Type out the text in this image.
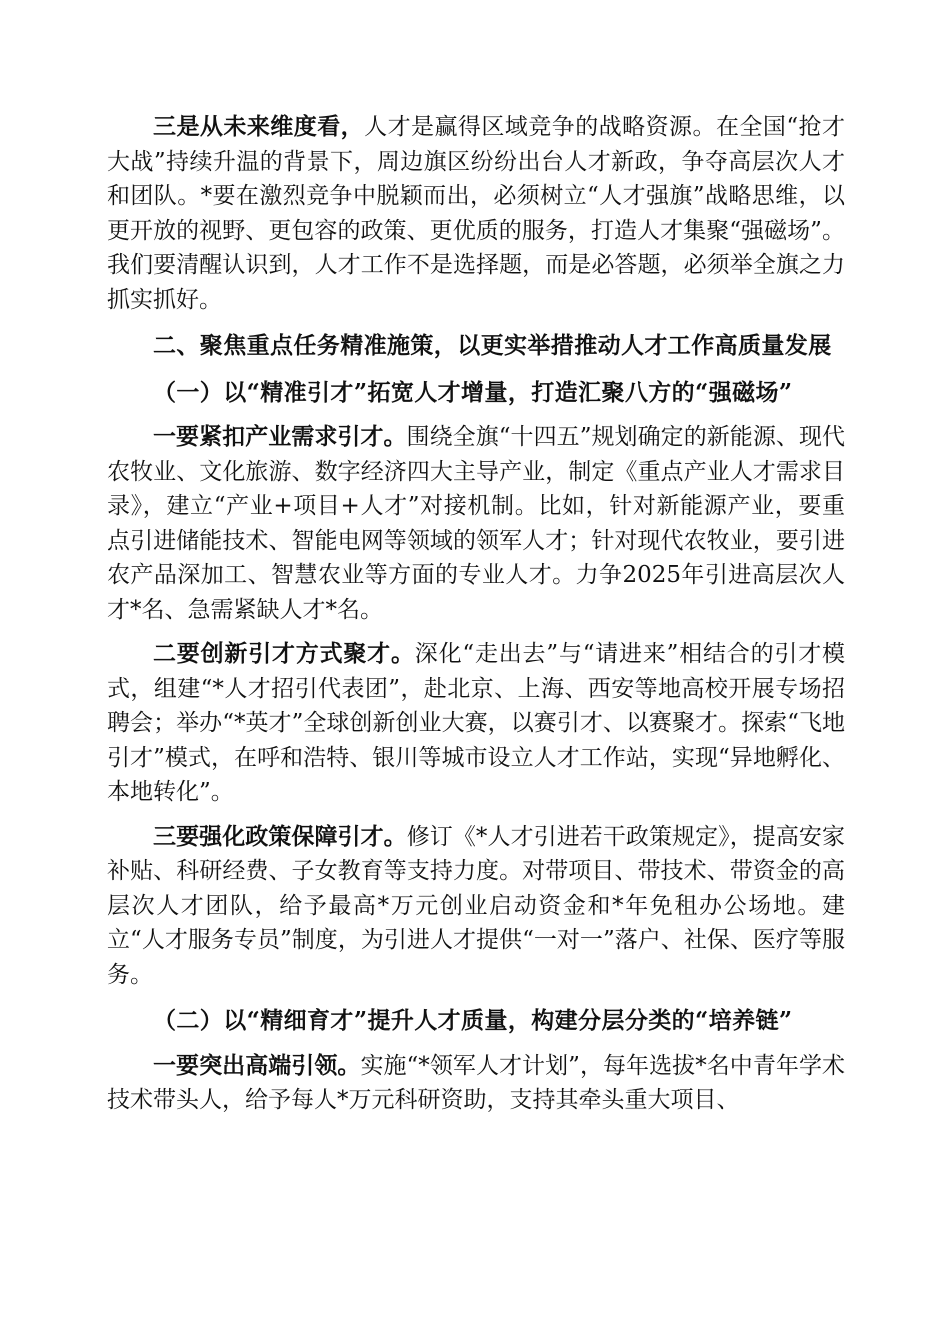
三是从未来维度看，人才是赢得区域竞争的战略资源。在全国“抢才大战”持续升温的背景下，周边旗区纷纷出台人才新政，争夺高层次人才和团队。*要在激烈竞争中脱颖而出，必须树立“人才强旗”战略思维，以更开放的视野、更包容的政策、更优质的服务，打造人才集聚“强磁场”。我们要清醒认识到，人才工作不是选择题，而是必答题，必须举全旗之力抓实抓好。

二、聚焦重点任务精准施策，以更实举措推动人才工作高质量发展

（一）以“精准引才”拓宽人才增量，打造汇聚八方的“强磁场”

一要紧扣产业需求引才。围绕全旗“十四五”规划确定的新能源、现代农牧业、文化旅游、数字经济四大主导产业，制定《重点产业人才需求目录》，建立“产业+项目+人才”对接机制。比如，针对新能源产业，要重点引进储能技术、智能电网等领域的领军人才；针对现代农牧业，要引进农产品深加工、智慧农业等方面的专业人才。力争2025年引进高层次人才*名、急需紧缺人才*名。

二要创新引才方式聚才。深化“走出去”与“请进来”相结合的引才模式，组建“*人才招引代表团”，赴北京、上海、西安等地高校开展专场招聘会；举办“*英才”全球创新创业大赛，以赛引才、以赛聚才。探索“飞地引才”模式，在呼和浩特、银川等城市设立人才工作站，实现“异地孵化、本地转化”。

三要强化政策保障引才。修订《*人才引进若干政策规定》，提高安家补贴、科研经费、子女教育等支持力度。对带项目、带技术、带资金的高层次人才团队，给予最高*万元创业启动资金和*年免租办公场地。建立“人才服务专员”制度，为引进人才提供“一对一”落户、社保、医疗等服务。

（二）以“精细育才”提升人才质量，构建分层分类的“培养链”

一要突出高端引领。实施“*领军人才计划”，每年选拔*名中青年学术技术带头人，给予每人*万元科研资助，支持其牵头重大项目、
